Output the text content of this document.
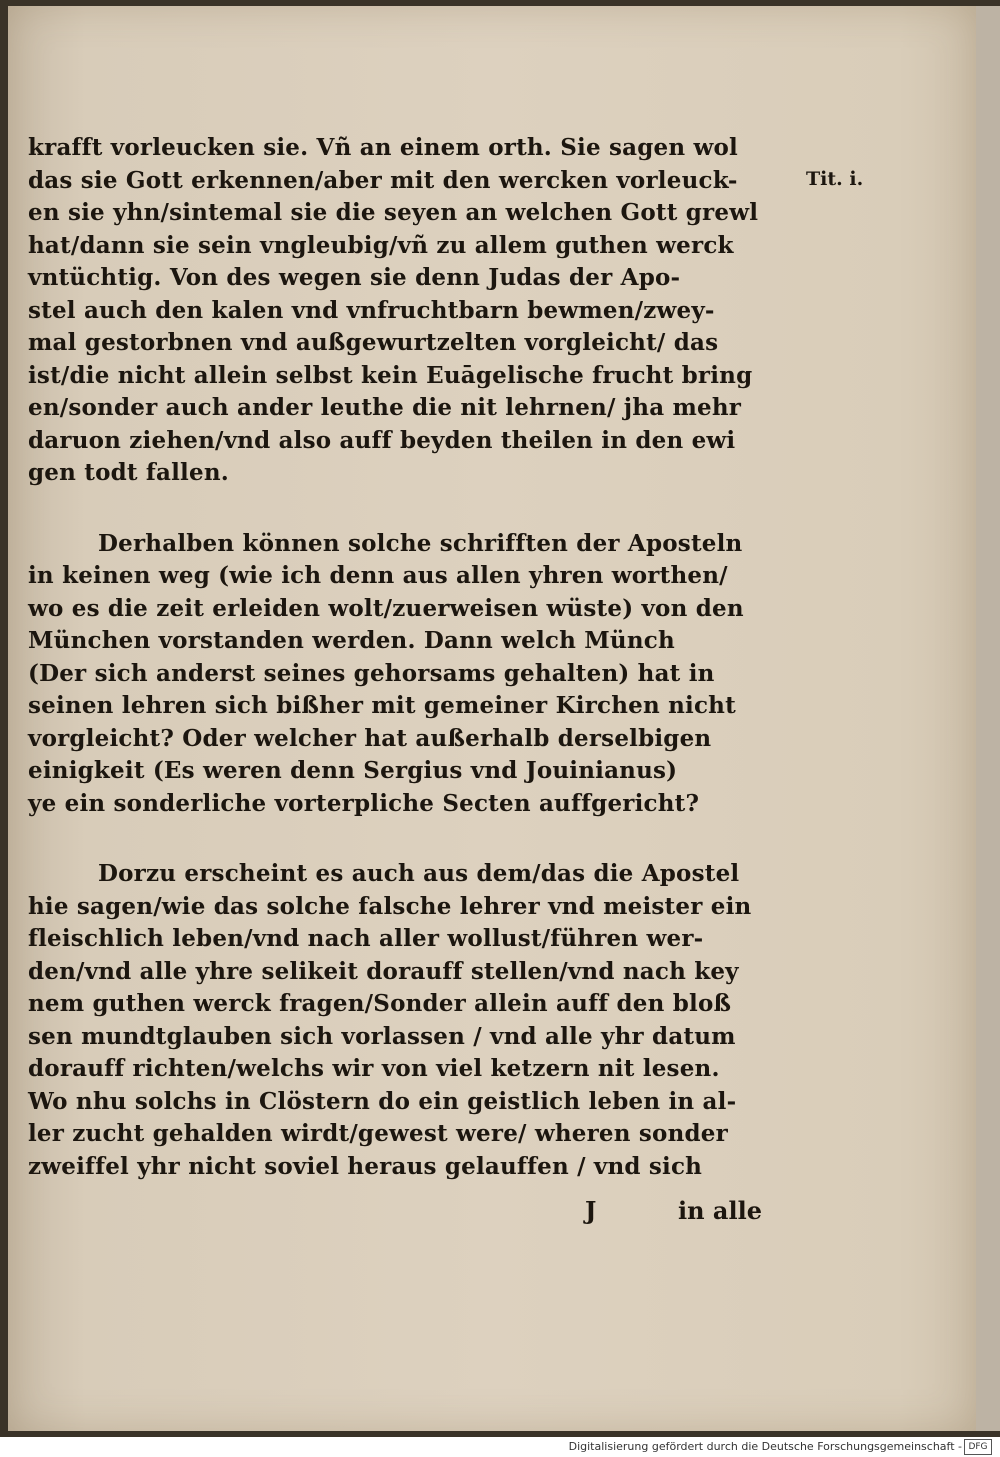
Tit. i.
krafft vorleucken sie. Vñ an einem orth. Sie sagen wol
das sie Gott erkennen/aber mit den wercken vorleuck-
en sie yhn/sintemal sie die seyen an welchen Gott grewl
hat/dann sie sein vngleubig/vñ zu allem guthen werck
vntüchtig. Von des wegen sie denn Judas der Apo-
stel auch den kalen vnd vnfruchtbarn bewmen/zwey-
mal gestorbnen vnd außgewurtzelten vorgleicht/ das
ist/die nicht allein selbst kein Euāgelische frucht bring
en/sonder auch ander leuthe die nit lehrnen/ jha mehr
daruon ziehen/vnd also auff beyden theilen in den ewi
gen todt fallen.
Derhalben können solche schrifften der Aposteln
in keinen weg (wie ich denn aus allen yhren worthen/
wo es die zeit erleiden wolt/zuerweisen wüste) von den
München vorstanden werden. Dann welch Münch
(Der sich anderst seines gehorsams gehalten) hat in
seinen lehren sich bißher mit gemeiner Kirchen nicht
vorgleicht? Oder welcher hat außerhalb derselbigen
einigkeit (Es weren denn Sergius vnd Jouinianus)
ye ein sonderliche vorterpliche Secten auffgericht?
Dorzu erscheint es auch aus dem/das die Apostel
hie sagen/wie das solche falsche lehrer vnd meister ein
fleischlich leben/vnd nach aller wollust/führen wer-
den/vnd alle yhre selikeit dorauff stellen/vnd nach key
nem guthen werck fragen/Sonder allein auff den bloß
sen mundtglauben sich vorlassen / vnd alle yhr datum
dorauff richten/welchs wir von viel ketzern nit lesen.
Wo nhu solchs in Clöstern do ein geistlich leben in al-
ler zucht gehalden wirdt/gewest were/ wheren sonder
zweiffel yhr nicht soviel heraus gelauffen / vnd sich
J	in alle
Digitalisierung gefördert durch die Deutsche Forschungsgemeinschaft - DFG
